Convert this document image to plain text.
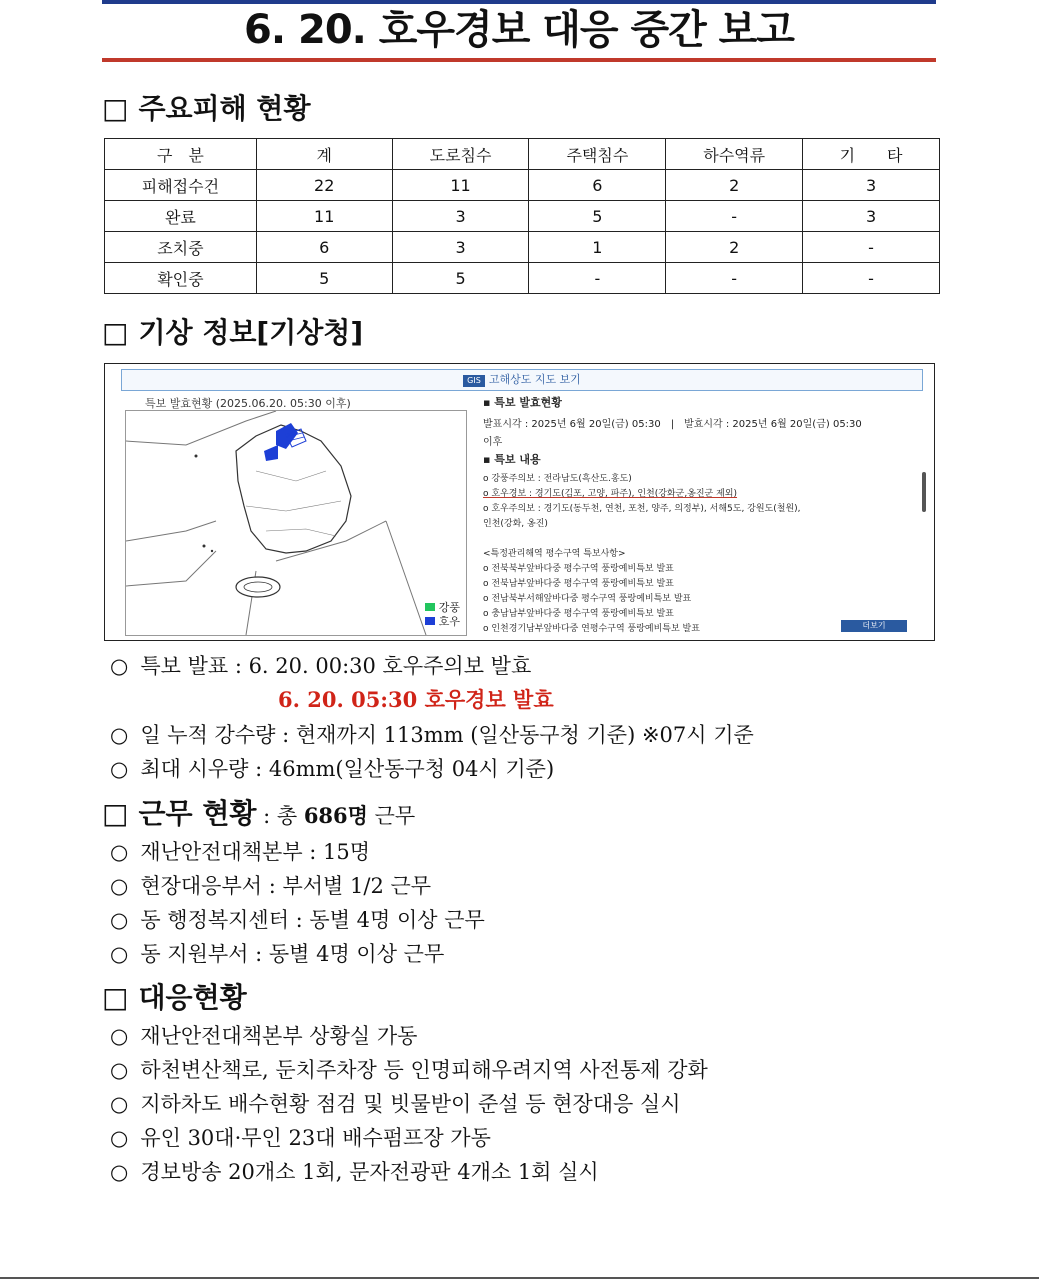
6. 20. 호우경보 대응 중간 보고
□ 주요피해 현황
구　분	계	도로침수	주택침수	하수역류	기　　타
피해접수건	22	11	6	2	3
완료	11	3	5	-	3
조치중	6	3	1	2	-
확인중	5	5	-	-	-
□ 기상 정보[기상청]
GIS 고해상도 지도 보기
특보 발효현황 (2025.06.20. 05:30 이후)
강풍
호우
▪ 특보 발효현황
발표시각 : 2025년 6월 20일(금) 05:30　|　발효시각 : 2025년 6월 20일(금) 05:30
이후
▪ 특보 내용
o 강풍주의보 : 전라남도(흑산도.홍도)
o 호우경보 : 경기도(김포, 고양, 파주), 인천(강화군,옹진군 제외)
o 호우주의보 : 경기도(동두천, 연천, 포천, 양주, 의정부), 서해5도, 강원도(철원),
인천(강화, 옹진)

<특정관리해역 평수구역 특보사항>
o 전북북부앞바다중 평수구역 풍랑예비특보 발표
o 전북남부앞바다중 평수구역 풍랑예비특보 발표
o 전남북부서해앞바다중 평수구역 풍랑예비특보 발표
o 충남남부앞바다중 평수구역 풍랑예비특보 발표
o 인천경기남부앞바다중 연평수구역 풍랑예비특보 발표	더보기
○ 특보 발표 : 6. 20. 00:30 호우주의보 발효
6. 20. 05:30 호우경보 발효
○ 일 누적 강수량 : 현재까지 113mm (일산동구청 기준) ※07시 기준
○ 최대 시우량 : 46mm(일산동구청 04시 기준)
□ 근무 현황 : 총 686명 근무
○ 재난안전대책본부 : 15명
○ 현장대응부서 : 부서별 1/2 근무
○ 동 행정복지센터 : 동별 4명 이상 근무
○ 동 지원부서 : 동별 4명 이상 근무
□ 대응현황
○ 재난안전대책본부 상황실 가동
○ 하천변산책로, 둔치주차장 등 인명피해우려지역 사전통제 강화
○ 지하차도 배수현황 점검 및 빗물받이 준설 등 현장대응 실시
○ 유인 30대·무인 23대 배수펌프장 가동
○ 경보방송 20개소 1회, 문자전광판 4개소 1회 실시
